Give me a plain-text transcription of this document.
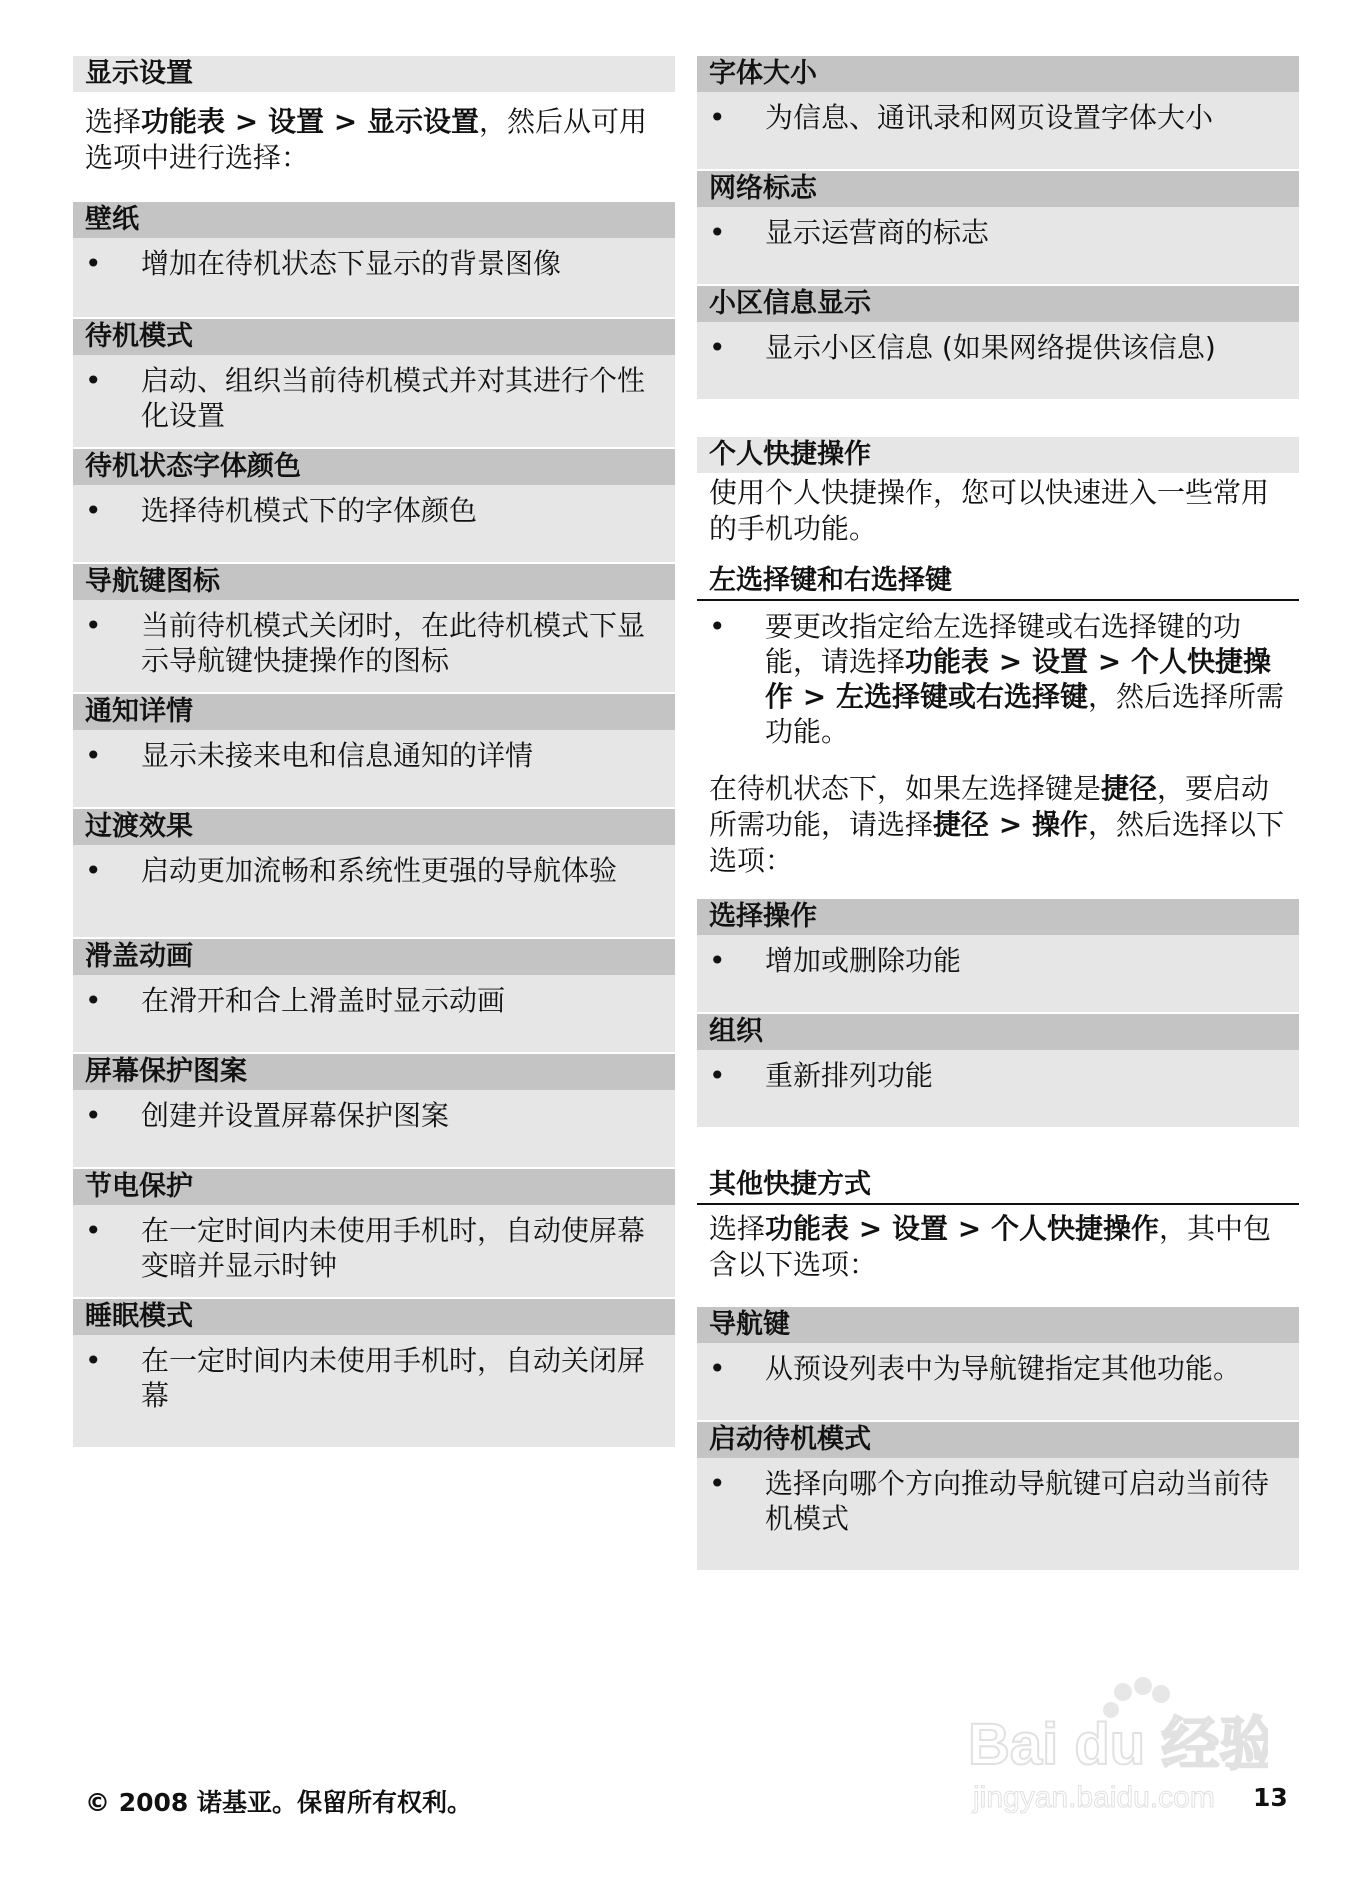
显示设置

选择功能表 > 设置 > 显示设置，然后从可用选项中进行选择：

壁纸
•	增加在待机状态下显示的背景图像
待机模式
•	启动、组织当前待机模式并对其进行个性化设置
待机状态字体颜色
•	选择待机模式下的字体颜色
导航键图标
•	当前待机模式关闭时，在此待机模式下显示导航键快捷操作的图标
通知详情
•	显示未接来电和信息通知的详情
过渡效果
•	启动更加流畅和系统性更强的导航体验
滑盖动画
•	在滑开和合上滑盖时显示动画
屏幕保护图案
•	创建并设置屏幕保护图案
节电保护
•	在一定时间内未使用手机时，自动使屏幕变暗并显示时钟
睡眠模式
•	在一定时间内未使用手机时，自动关闭屏幕
字体大小
•	为信息、通讯录和网页设置字体大小
网络标志
•	显示运营商的标志
小区信息显示
•	显示小区信息 (如果网络提供该信息)
个人快捷操作

使用个人快捷操作，您可以快速进入一些常用的手机功能。

左选择键和右选择键
•	要更改指定给左选择键或右选择键的功能，请选择功能表 > 设置 > 个人快捷操作 > 左选择键或右选择键，然后选择所需功能。

在待机状态下，如果左选择键是捷径，要启动所需功能，请选择捷径 > 操作，然后选择以下选项：

选择操作
•	增加或删除功能
组织
•	重新排列功能
其他快捷方式

选择功能表 > 设置 > 个人快捷操作，其中包含以下选项：

导航键
•	从预设列表中为导航键指定其他功能。
启动待机模式
•	选择向哪个方向推动导航键可启动当前待机模式
Bai du 经验
jingyan.baidu.com
© 2008 诺基亚。保留所有权利。	13
